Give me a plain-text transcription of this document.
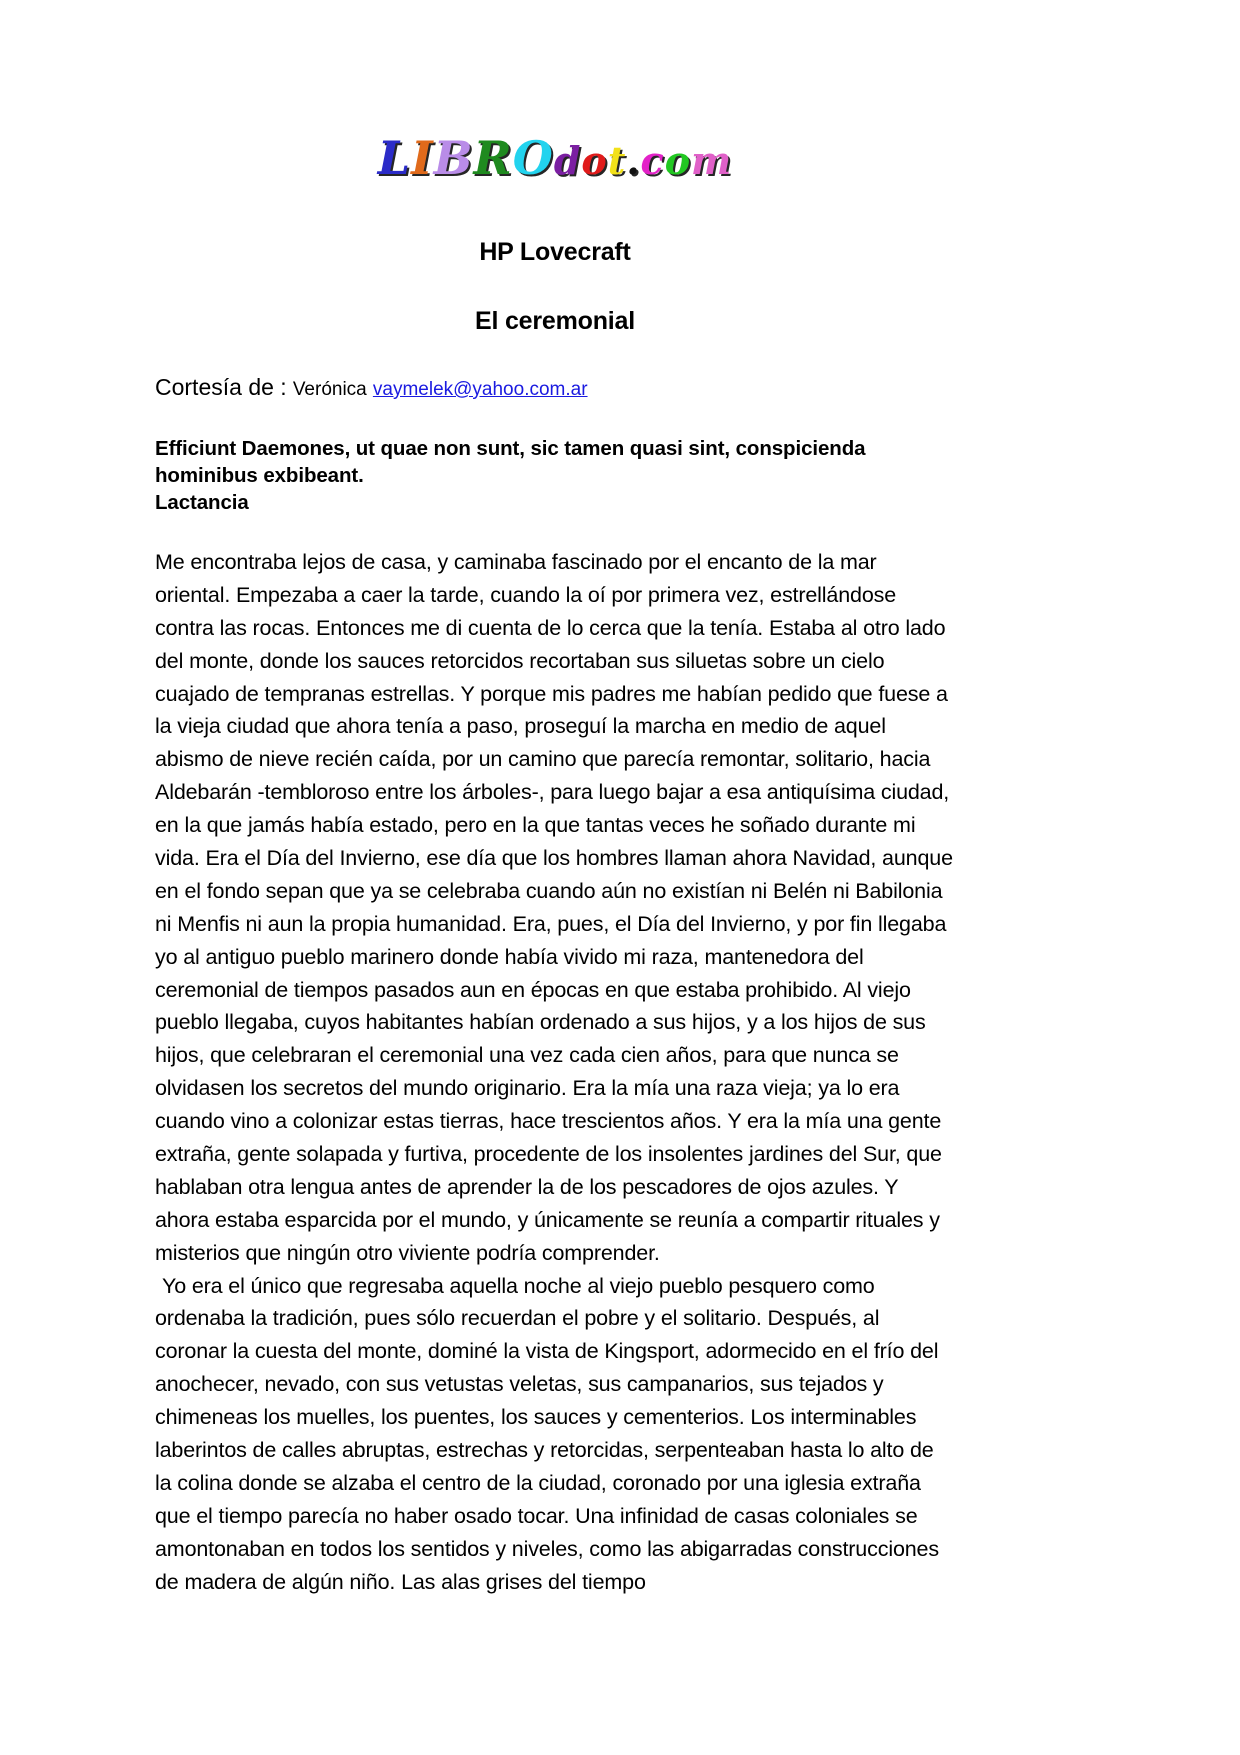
LIBROdot.com
HP Lovecraft
El ceremonial
Cortesía de : Verónica vaymelek@yahoo.com.ar
Efficiunt Daemones, ut quae non sunt, sic tamen quasi sint, conspicienda hominibus exbibeant.
Lactancia

Me encontraba lejos de casa, y caminaba fascinado por el encanto de la mar oriental. Empezaba a caer la tarde, cuando la oí por primera vez, estrellándose contra las rocas. Entonces me di cuenta de lo cerca que la tenía. Estaba al otro lado del monte, donde los sauces retorcidos recortaban sus siluetas sobre un cielo cuajado de tempranas estrellas. Y porque mis padres me habían pedido que fuese a la vieja ciudad que ahora tenía a paso, proseguí la marcha en medio de aquel abismo de nieve recién caída, por un camino que parecía remontar, solitario, hacia Aldebarán -tembloroso entre los árboles-, para luego bajar a esa antiquísima ciudad, en la que jamás había estado, pero en la que tantas veces he soñado durante mi vida. Era el Día del Invierno, ese día que los hombres llaman ahora Navidad, aunque en el fondo sepan que ya se celebraba cuando aún no existían ni Belén ni Babilonia ni Menfis ni aun la propia humanidad. Era, pues, el Día del Invierno, y por fin llegaba yo al antiguo pueblo marinero donde había vivido mi raza, mantenedora del ceremonial de tiempos pasados aun en épocas en que estaba prohibido. Al viejo pueblo llegaba, cuyos habitantes habían ordenado a sus hijos, y a los hijos de sus hijos, que celebraran el ceremonial una vez cada cien años, para que nunca se olvidasen los secretos del mundo originario. Era la mía una raza vieja; ya lo era cuando vino a colonizar estas tierras, hace trescientos años. Y era la mía una gente extraña, gente solapada y furtiva, procedente de los insolentes jardines del Sur, que hablaban otra lengua antes de aprender la de los pescadores de ojos azules. Y ahora estaba esparcida por el mundo, y únicamente se reunía a compartir rituales y misterios que ningún otro viviente podría comprender.

Yo era el único que regresaba aquella noche al viejo pueblo pesquero como ordenaba la tradición, pues sólo recuerdan el pobre y el solitario. Después, al coronar la cuesta del monte, dominé la vista de Kingsport, adormecido en el frío del anochecer, nevado, con sus vetustas veletas, sus campanarios, sus tejados y chimeneas los muelles, los puentes, los sauces y cementerios. Los interminables laberintos de calles abruptas, estrechas y retorcidas, serpenteaban hasta lo alto de la colina donde se alzaba el centro de la ciudad, coronado por una iglesia extraña que el tiempo parecía no haber osado tocar. Una infinidad de casas coloniales se amontonaban en todos los sentidos y niveles, como las abigarradas construcciones de madera de algún niño. Las alas grises del tiempo
